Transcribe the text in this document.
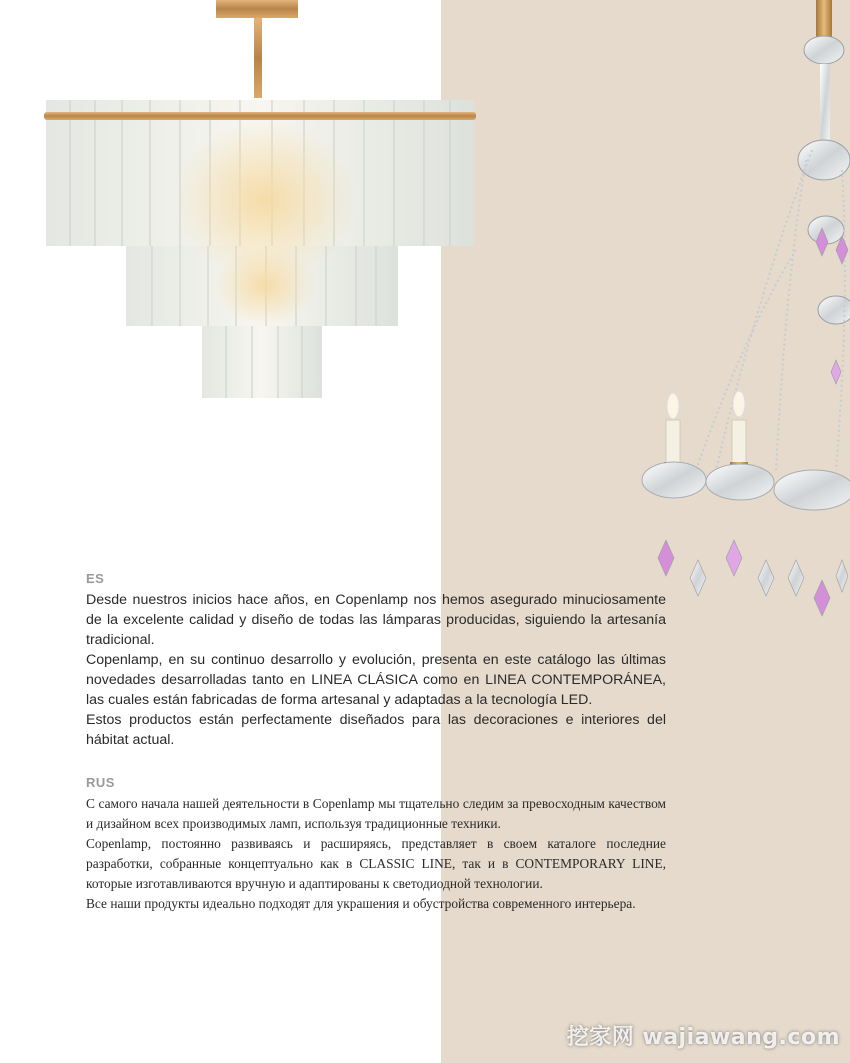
ES

Desde nuestros inicios hace años, en Copenlamp nos hemos asegurado minuciosamente de la excelente calidad y diseño de todas las lámparas producidas, siguiendo la artesanía tradicional.

Copenlamp, en su continuo desarrollo y evolución, presenta en este catálogo las últimas novedades desarrolladas tanto en LINEA CLÁSICA como en LINEA CONTEMPORÁNEA, las cuales están fabricadas de forma artesanal y adaptadas a la tecnología LED.

Estos productos están perfectamente diseñados para las decoraciones e interiores del hábitat actual.

RUS

С самого начала нашей деятельности в Copenlamp мы тщательно следим за превосходным качеством и дизайном всех производимых ламп, используя традиционные техники.

Copenlamp, постоянно развиваясь и расширяясь, представляет в своем каталоге последние разработки, собранные концептуально как в CLASSIC LINE, так и в CONTEMPORARY LINE, которые изготавливаются вручную и адаптированы к светодиодной технологии.

Все наши продукты идеально подходят для украшения и обустройства современного интерьера.

挖家网 wajiawang.com
